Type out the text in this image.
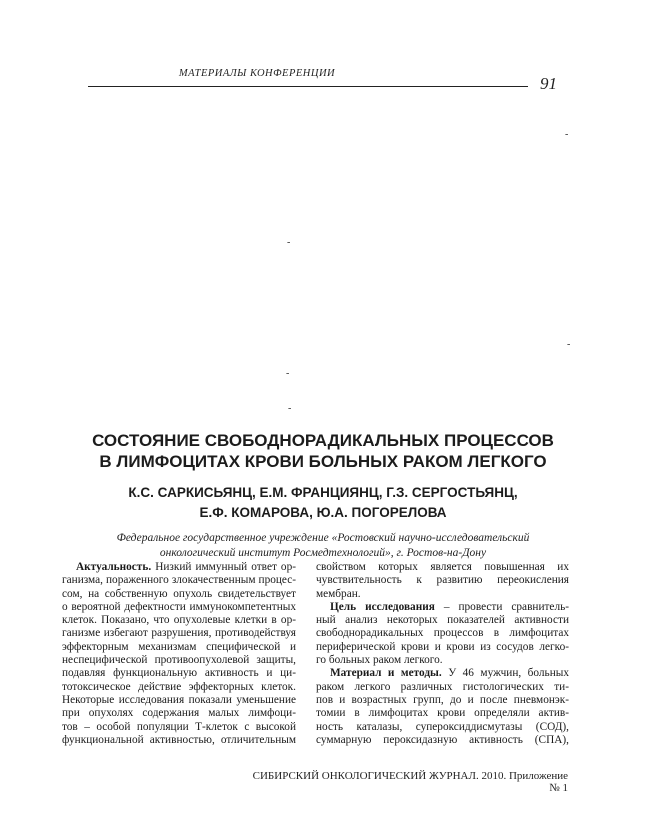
МАТЕРИАЛЫ КОНФЕРЕНЦИИ
91
-
-
-
-
-
СОСТОЯНИЕ СВОБОДНОРАДИКАЛЬНЫХ ПРОЦЕССОВ
В ЛИМФОЦИТАХ КРОВИ БОЛЬНЫХ РАКОМ ЛЕГКОГО
К.С. САРКИСЬЯНЦ, Е.М. ФРАНЦИЯНЦ, Г.З. СЕРГОСТЬЯНЦ,
Е.Ф. КОМАРОВА, Ю.А. ПОГОРЕЛОВА
Федеральное государственное учреждение «Ростовский научно-исследовательский
онкологический институт Росмедтехнологий», г. Ростов-на-Дону
Актуальность. Низкий иммунный ответ ор-
ганизма, пораженного злокачественным процес-
сом, на собственную опухоль свидетельствует
о вероятной дефектности иммунокомпетентных
клеток. Показано, что опухолевые клетки в ор-
ганизме избегают разрушения, противодействуя
эффекторным механизмам специфической и
неспецифической противоопухолевой защиты,
подавляя функциональную активность и ци-
тотоксическое действие эффекторных клеток.
Некоторые исследования показали уменьшение
при опухолях содержания малых лимфоци-
тов – особой популяции Т-клеток с высокой
функциональной активностью, отличительным
свойством которых является повышенная их
чувствительность к развитию переокисления
мембран.
Цель исследования – провести сравнитель-
ный анализ некоторых показателей активности
свободнорадикальных процессов в лимфоцитах
периферической крови и крови из сосудов легко-
го больных раком легкого.
Материал и методы. У 46 мужчин, больных
раком легкого различных гистологических ти-
пов и возрастных групп, до и после пневмонэк-
томии в лимфоцитах крови определяли актив-
ность каталазы, супероксиддисмутазы (СОД),
суммарную пероксидазную активность (СПА),
СИБИРСКИЙ ОНКОЛОГИЧЕСКИЙ ЖУРНАЛ. 2010. Приложение № 1
